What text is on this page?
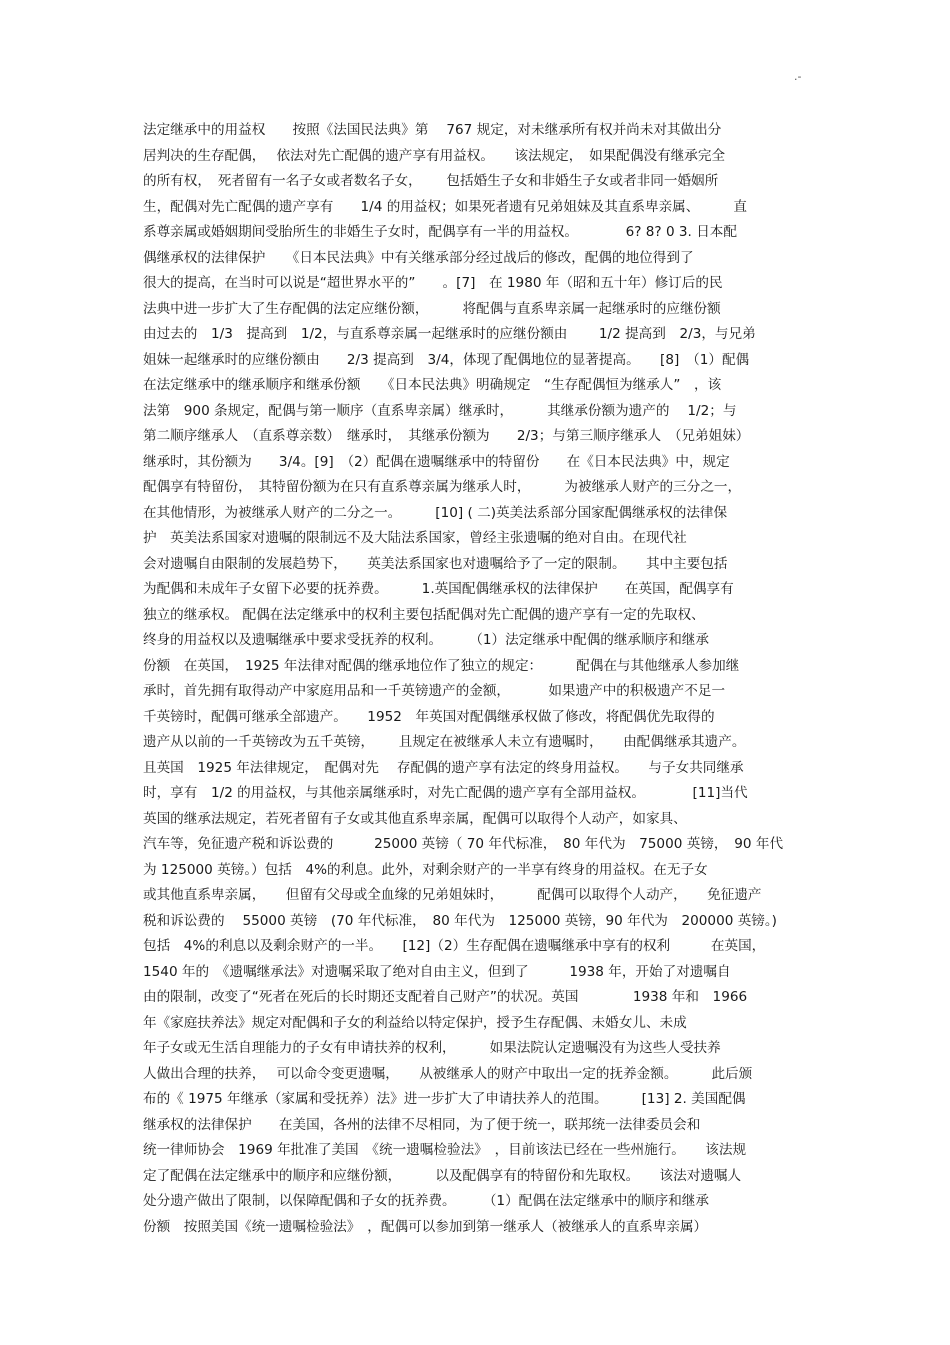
.-
法定继承中的用益权　　按照《法国民法典》第　 767 规定，对未继承所有权并尚未对其做出分
居判决的生存配偶，　 依法对先亡配偶的遗产享有用益权。　　该法规定，　如果配偶没有继承完全
的所有权，　死者留有一名子女或者数名子女，　　 包括婚生子女和非婚生子女或者非同一婚姻所
生，配偶对先亡配偶的遗产享有　　1/4 的用益权；如果死者遗有兄弟姐妹及其直系卑亲属、　　　直
系尊亲属或婚姻期间受胎所生的非婚生子女时，配偶享有一半的用益权。　　　　6? 8? 0 3. 日本配
偶继承权的法律保护　　《日本民法典》中有关继承部分经过战后的修改，配偶的地位得到了
很大的提高，在当时可以说是“超世界水平的”　　。[7]　在 1980 年（昭和五十年）修订后的民
法典中进一步扩大了生存配偶的法定应继份额，　　　将配偶与直系卑亲属一起继承时的应继份额
由过去的　1/3　提高到　1/2，与直系尊亲属一起继承时的应继份额由　　 1/2 提高到　2/3，与兄弟
姐妹一起继承时的应继份额由　　2/3 提高到　3/4，体现了配偶地位的显著提高。　　[8]　（1）配偶
在法定继承中的继承顺序和继承份额　　《日本民法典》明确规定　“生存配偶恒为继承人”　，该
法第　900 条规定，配偶与第一顺序（直系卑亲属）继承时，　　　其继承份额为遗产的　 1/2；与
第二顺序继承人　（直系尊亲数）　继承时，　其继承份额为　　2/3；与第三顺序继承人　（兄弟姐妹）
继承时，其份额为　　3/4。[9]　（2）配偶在遗嘱继承中的特留份　　在《日本民法典》中，规定
配偶享有特留份，　其特留份额为在只有直系尊亲属为继承人时，　　　为被继承人财产的三分之一，
在其他情形，为被继承人财产的二分之一。　　　[10] ( 二)英美法系部分国家配偶继承权的法律保
护　英美法系国家对遗嘱的限制远不及大陆法系国家，曾经主张遗嘱的绝对自由。在现代社
会对遗嘱自由限制的发展趋势下，　　英美法系国家也对遗嘱给予了一定的限制。　　其中主要包括
为配偶和未成年子女留下必要的抚养费。　　　1.英国配偶继承权的法律保护　　在英国，配偶享有
独立的继承权。 配偶在法定继承中的权利主要包括配偶对先亡配偶的遗产享有一定的先取权、
终身的用益权以及遗嘱继承中要求受抚养的权利。　　　（1）法定继承中配偶的继承顺序和继承
份额　在英国，　1925 年法律对配偶的继承地位作了独立的规定：　　　配偶在与其他继承人参加继
承时，首先拥有取得动产中家庭用品和一千英镑遗产的金额，　　　 如果遗产中的积极遗产不足一
千英镑时，配偶可继承全部遗产。　　1952　年英国对配偶继承权做了修改，将配偶优先取得的
遗产从以前的一千英镑改为五千英镑，　　 且规定在被继承人未立有遗嘱时，　　由配偶继承其遗产。
且英国　1925 年法律规定，　配偶对先　 存配偶的遗产享有法定的终身用益权。　　与子女共同继承
时，享有　1/2 的用益权，与其他亲属继承时，对先亡配偶的遗产享有全部用益权。　　　　[11]当代
英国的继承法规定，若死者留有子女或其他直系卑亲属，配偶可以取得个人动产，如家具、
汽车等，免征遗产税和诉讼费的　　　25000 英镑（ 70 年代标准，　80 年代为　75000 英镑，　90 年代
为 125000 英镑。）包括　4%的利息。此外，对剩余财产的一半享有终身的用益权。在无子女
或其他直系卑亲属，　　但留有父母或全血缘的兄弟姐妹时，　　　配偶可以取得个人动产，　　免征遗产
税和诉讼费的　 55000 英镑　(70 年代标准，　80 年代为　125000 英镑，90 年代为　200000 英镑。)
包括　4%的利息以及剩余财产的一半。　　[12]（2）生存配偶在遗嘱继承中享有的权利　　　在英国，
1540 年的　《遗嘱继承法》对遗嘱采取了绝对自由主义，但到了　　　1938 年，开始了对遗嘱自
由的限制，改变了“死者在死后的长时期还支配着自己财产”的状况。英国　　　　1938 年和　1966
年《家庭扶养法》规定对配偶和子女的利益给以特定保护，授予生存配偶、未婚女儿、未成
年子女或无生活自理能力的子女有申请扶养的权利，　　　如果法院认定遗嘱没有为这些人受扶养
人做出合理的扶养，　 可以命令变更遗嘱，　　从被继承人的财产中取出一定的抚养金额。　　　此后颁
布的《 1975 年继承（家属和受抚养）法》进一步扩大了申请扶养人的范围。　　　[13] 2. 美国配偶
继承权的法律保护　　在美国，各州的法律不尽相同，为了便于统一，联邦统一法律委员会和
统一律师协会　1969 年批准了美国　《统一遗嘱检验法》　，目前该法已经在一些州施行。　　该法规
定了配偶在法定继承中的顺序和应继份额，　　　以及配偶享有的特留份和先取权。　　该法对遗嘱人
处分遗产做出了限制，以保障配偶和子女的抚养费。　　　（1）配偶在法定继承中的顺序和继承
份额　按照美国《统一遗嘱检验法》　，配偶可以参加到第一继承人（被继承人的直系卑亲属）
